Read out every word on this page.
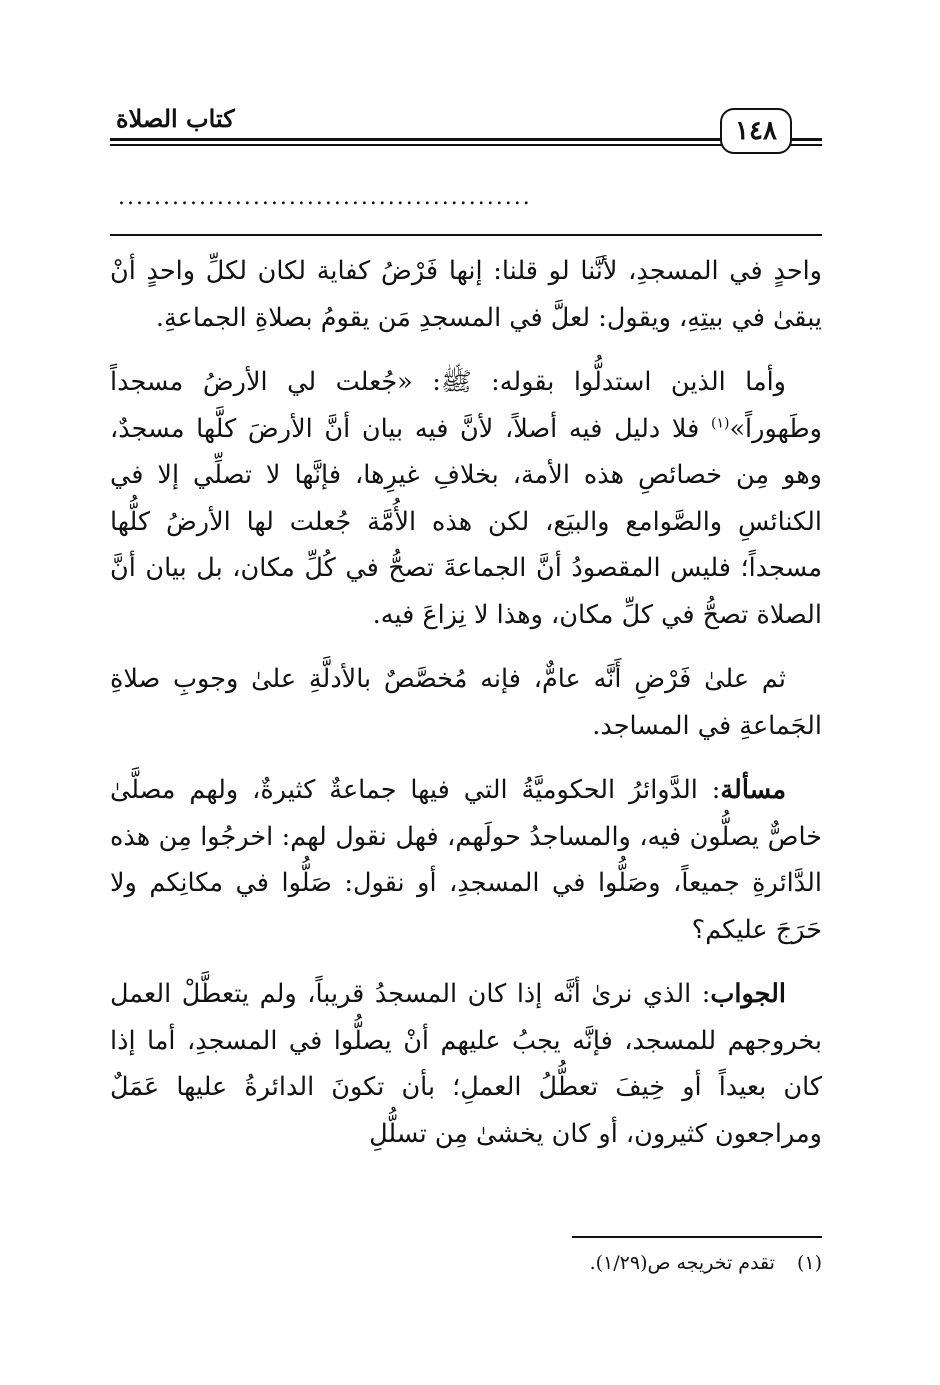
١٤٨
كتاب الصلاة
..............................................

واحدٍ في المسجدِ، لأنَّنا لو قلنا: إنها فَرْضُ كفاية لكان لكلِّ واحدٍ أنْ يبقىٰ في بيتِهِ، ويقول: لعلَّ في المسجدِ مَن يقومُ بصلاةِ الجماعةِ.

وأما الذين استدلُّوا بقوله: ﷺ: «جُعلت لي الأرضُ مسجداً وطَهوراً»$^{(١)}$ فلا دليل فيه أصلاً، لأنَّ فيه بيان أنَّ الأرضَ كلَّها مسجدٌ، وهو مِن خصائصِ هذه الأمة، بخلافِ غيرِها، فإنَّها لا تصلِّي إلا في الكنائسِ والصَّوامع والبيَع، لكن هذه الأُمَّة جُعلت لها الأرضُ كلُّها مسجداً؛ فليس المقصودُ أنَّ الجماعةَ تصحُّ في كُلِّ مكان، بل بيان أنَّ الصلاة تصحُّ في كلِّ مكان، وهذا لا نِزاعَ فيه.

ثم علىٰ فَرْضِ أَنَّه عامٌّ، فإنه مُخصَّصٌ بالأدلَّةِ علىٰ وجوبِ صلاةِ الجَماعةِ في المساجد.

مسألة: الدَّوائرُ الحكوميَّةُ التي فيها جماعةٌ كثيرةٌ، ولهم مصلَّىٰ خاصٌّ يصلُّون فيه، والمساجدُ حولَهم، فهل نقول لهم: اخرجُوا مِن هذه الدَّائرةِ جميعاً، وصَلُّوا في المسجدِ، أو نقول: صَلُّوا في مكانِكم ولا حَرَجَ عليكم؟

الجواب: الذي نرىٰ أنَّه إذا كان المسجدُ قريباً، ولم يتعطَّلْ العمل بخروجهم للمسجد، فإنَّه يجبُ عليهم أنْ يصلُّوا في المسجدِ، أما إذا كان بعيداً أو خِيفَ تعطُّلُ العملِ؛ بأن تكونَ الدائرةُ عليها عَمَلٌ ومراجعون كثيرون، أو كان يخشىٰ مِن تسلُّلِ

(١)تقدم تخريجه ص(١/٢٩).
